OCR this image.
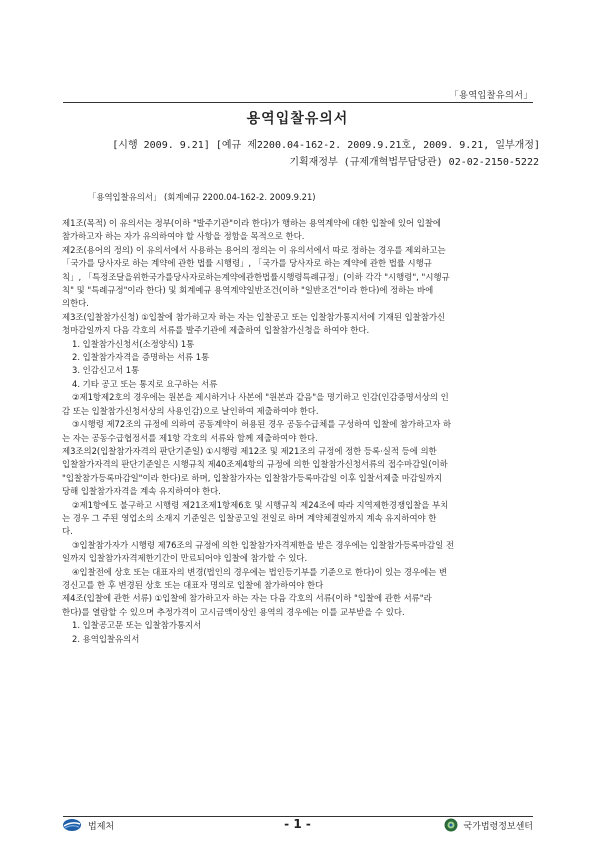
「용역입찰유의서」
용역입찰유의서
[시행 2009. 9.21] [예규 제2200.04-162-2. 2009.9.21호, 2009. 9.21, 일부개정]
기획재정부 (규제개혁법무담당관) 02-02-2150-5222
「용역입찰유의서」 (회계예규 2200.04-162-2. 2009.9.21)

제1조(목적) 이 유의서는 정부(이하 "발주기관"이라 한다)가 행하는 용역계약에 대한 입찰에 있어 입찰에

참가하고자 하는 자가 유의하여야 할 사항을 정함을 목적으로 한다.

제2조(용어의 정의) 이 유의서에서 사용하는 용어의 정의는 이 유의서에서 따로 정하는 경우를 제외하고는

「국가를 당사자로 하는 계약에 관한 법률 시행령」, 「국가를 당사자로 하는 계약에 관한 법률 시행규

칙」, 「특정조달을위한국가를당사자로하는계약에관한법률시행령특례규정」(이하 각각 "시행령", "시행규

칙" 및 "특례규정"이라 한다) 및 회계예규 용역계약일반조건(이하 "일반조건"이라 한다)에 정하는 바에

의한다.

제3조(입찰참가신청) ①입찰에 참가하고자 하는 자는 입찰공고 또는 입찰참가통지서에 기재된 입찰참가신

청마감일까지 다음 각호의 서류를 발주기관에 제출하여 입찰참가신청을 하여야 한다.

1. 입찰참가신청서(소정양식) 1통

2. 입찰참가자격을 증명하는 서류 1통

3. 인감신고서 1통

4. 기타 공고 또는 통지로 요구하는 서류

②제1항제2호의 경우에는 원본을 제시하거나 사본에 "원본과 같음"을 명기하고 인감(인감증명서상의 인

감 또는 입찰참가신청서상의 사용인감)으로 날인하여 제출하여야 한다.

③시행령 제72조의 규정에 의하여 공동계약이 허용된 경우 공동수급체를 구성하여 입찰에 참가하고자 하

는 자는 공동수급협정서를 제1항 각호의 서류와 함께 제출하여야 한다.

제3조의2(입찰참가자격의 판단기준일) ①시행령 제12조 및 제21조의 규정에 정한 등록·실적 등에 의한

입찰참가자격의 판단기준일은 시행규칙 제40조제4항의 규정에 의한 입찰참가신청서류의 접수마감일(이하

"입찰참가등록마감일"이라 한다)로 하며, 입찰참가자는 입찰참가등록마감일 이후 입찰서제출 마감일까지

당해 입찰참가자격을 계속 유지하여야 한다.

②제1항에도 불구하고 시행령 제21조제1항제6호 및 시행규칙 제24조에 따라 지역제한경쟁입찰을 부치

는 경우 그 주된 영업소의 소재지 기준일은 입찰공고일 전일로 하며 계약체결일까지 계속 유지하여야 한

다.

③입찰참가자가 시행령 제76조의 규정에 의한 입찰참가자격제한을 받은 경우에는 입찰참가등록마감일 전

일까지 입찰참가자격제한기간이 만료되어야 입찰에 참가할 수 있다.

④입찰전에 상호 또는 대표자의 변경(법인의 경우에는 법인등기부를 기준으로 한다)이 있는 경우에는 변

경신고를 한 후 변경된 상호 또는 대표자 명의로 입찰에 참가하여야 한다

제4조(입찰에 관한 서류) ①입찰에 참가하고자 하는 자는 다음 각호의 서류(이하 "입찰에 관한 서류"라

한다)를 열람할 수 있으며 추정가격이 고시금액이상인 용역의 경우에는 이를 교부받을 수 있다.

1. 입찰공고문 또는 입찰참가통지서

2. 용역입찰유의서

법제처	- 1 -	국가법령정보센터
